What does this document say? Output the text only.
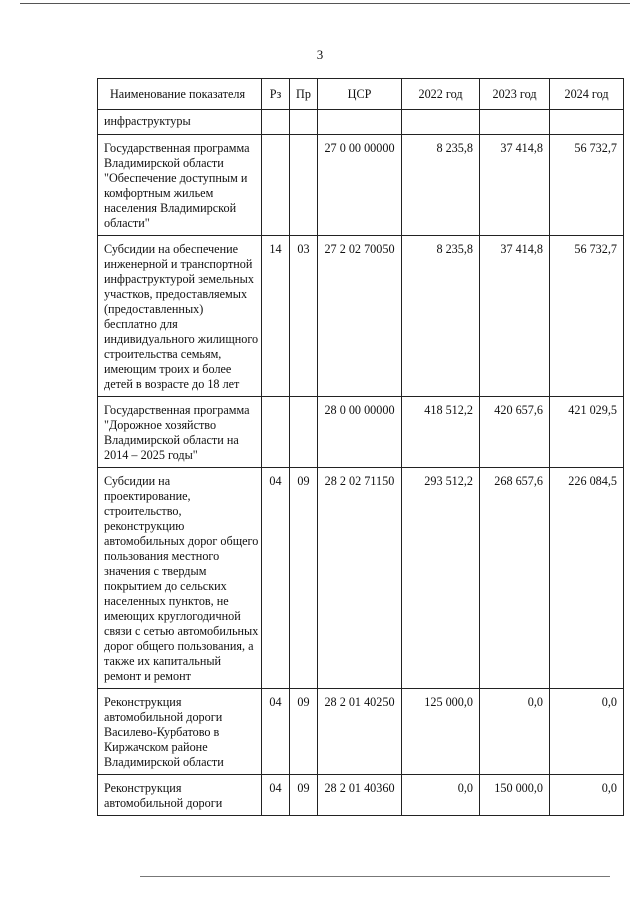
3
Наименование показателя	Рз	Пр	ЦСР	2022 год	2023 год	2024 год
инфраструктуры						
Государственная программа Владимирской области "Обеспечение доступным и комфортным жильем населения Владимирской области"			27 0 00 00000	8 235,8	37 414,8	56 732,7
Субсидии на обеспечение инженерной и транспортной инфраструктурой земельных участков, предоставляемых (предоставленных) бесплатно для индивидуального жилищного строительства семьям, имеющим троих и более детей в возрасте до 18 лет	14	03	27 2 02 70050	8 235,8	37 414,8	56 732,7
Государственная программа "Дорожное хозяйство Владимирской области на 2014 – 2025 годы"			28 0 00 00000	418 512,2	420 657,6	421 029,5
Субсидии на проектирование, строительство, реконструкцию автомобильных дорог общего пользования местного значения с твердым покрытием до сельских населенных пунктов, не имеющих круглогодичной связи с сетью автомобильных дорог общего пользования, а также их капитальный ремонт и ремонт	04	09	28 2 02 71150	293 512,2	268 657,6	226 084,5
Реконструкция автомобильной дороги Василево-Курбатово в Киржачском районе Владимирской области	04	09	28 2 01 40250	125 000,0	0,0	0,0
Реконструкция автомобильной дороги	04	09	28 2 01 40360	0,0	150 000,0	0,0
